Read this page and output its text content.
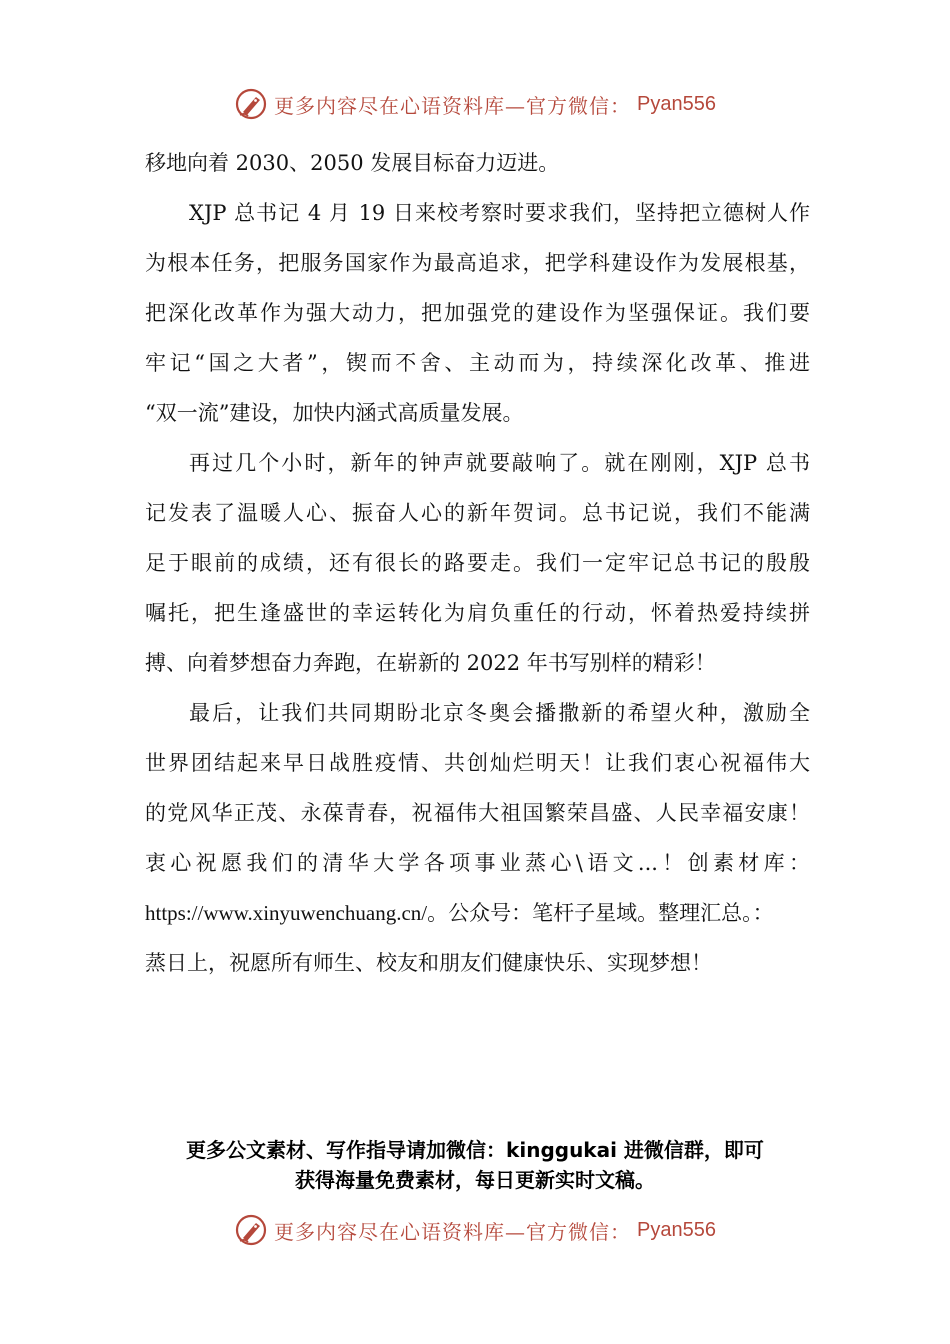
更多内容尽在心语资料库—官方微信： Pyan556
移地向着 2030、2050 发展目标奋力迈进。
XJP 总书记 4 月 19 日来校考察时要求我们，坚持把立德树人作
为根本任务，把服务国家作为最高追求，把学科建设作为发展根基，
把深化改革作为强大动力，把加强党的建设作为坚强保证。我们要
牢记“国之大者”，锲而不舍、主动而为，持续深化改革、推进
“双一流”建设，加快内涵式高质量发展。
再过几个小时，新年的钟声就要敲响了。就在刚刚，XJP 总书
记发表了温暖人心、振奋人心的新年贺词。总书记说，我们不能满
足于眼前的成绩，还有很长的路要走。我们一定牢记总书记的殷殷
嘱托，把生逢盛世的幸运转化为肩负重任的行动，怀着热爱持续拼
搏、向着梦想奋力奔跑，在崭新的 2022 年书写别样的精彩！
最后，让我们共同期盼北京冬奥会播撒新的希望火种，激励全
世界团结起来早日战胜疫情、共创灿烂明天！让我们衷心祝福伟大
的党风华正茂、永葆青春，祝福伟大祖国繁荣昌盛、人民幸福安康！
衷心祝愿我们的清华大学各项事业蒸心\语文...！创素材库：
https://www.xinyuwenchuang.cn/。公众号：笔杆子星域。整理汇总。：
蒸日上，祝愿所有师生、校友和朋友们健康快乐、实现梦想！
更多公文素材、写作指导请加微信：kinggukai 进微信群，即可
获得海量免费素材，每日更新实时文稿。
更多内容尽在心语资料库—官方微信： Pyan556
